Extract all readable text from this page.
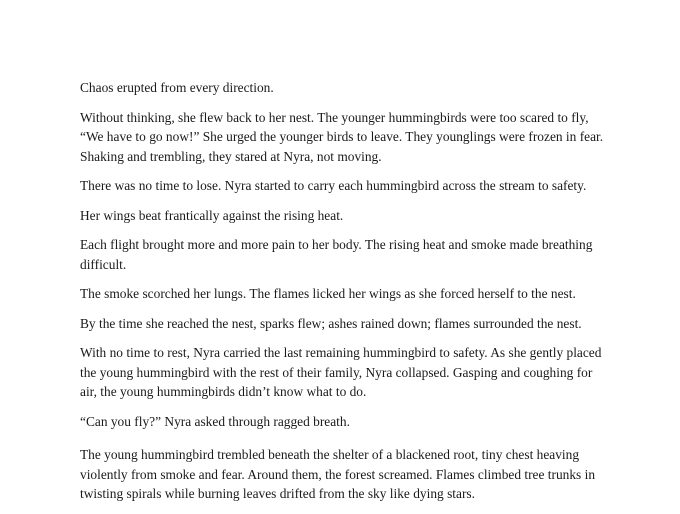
Chaos erupted from every direction.

Without thinking, she flew back to her nest. The younger hummingbirds were too scared to fly, “We have to go now!” She urged the younger birds to leave. They younglings were frozen in fear. Shaking and trembling, they stared at Nyra, not moving.

There was no time to lose. Nyra started to carry each hummingbird across the stream to safety.

Her wings beat frantically against the rising heat.

Each flight brought more and more pain to her body. The rising heat and smoke made breathing difficult.

The smoke scorched her lungs. The flames licked her wings as she forced herself to the nest.

By the time she reached the nest, sparks flew; ashes rained down; flames surrounded the nest.

With no time to rest, Nyra carried the last remaining hummingbird to safety. As she gently placed the young hummingbird with the rest of their family, Nyra collapsed. Gasping and coughing for air, the young hummingbirds didn’t know what to do.

“Can you fly?” Nyra asked through ragged breath.

The young hummingbird trembled beneath the shelter of a blackened root, tiny chest heaving violently from smoke and fear. Around them, the forest screamed. Flames climbed tree trunks in twisting spirals while burning leaves drifted from the sky like dying stars.
